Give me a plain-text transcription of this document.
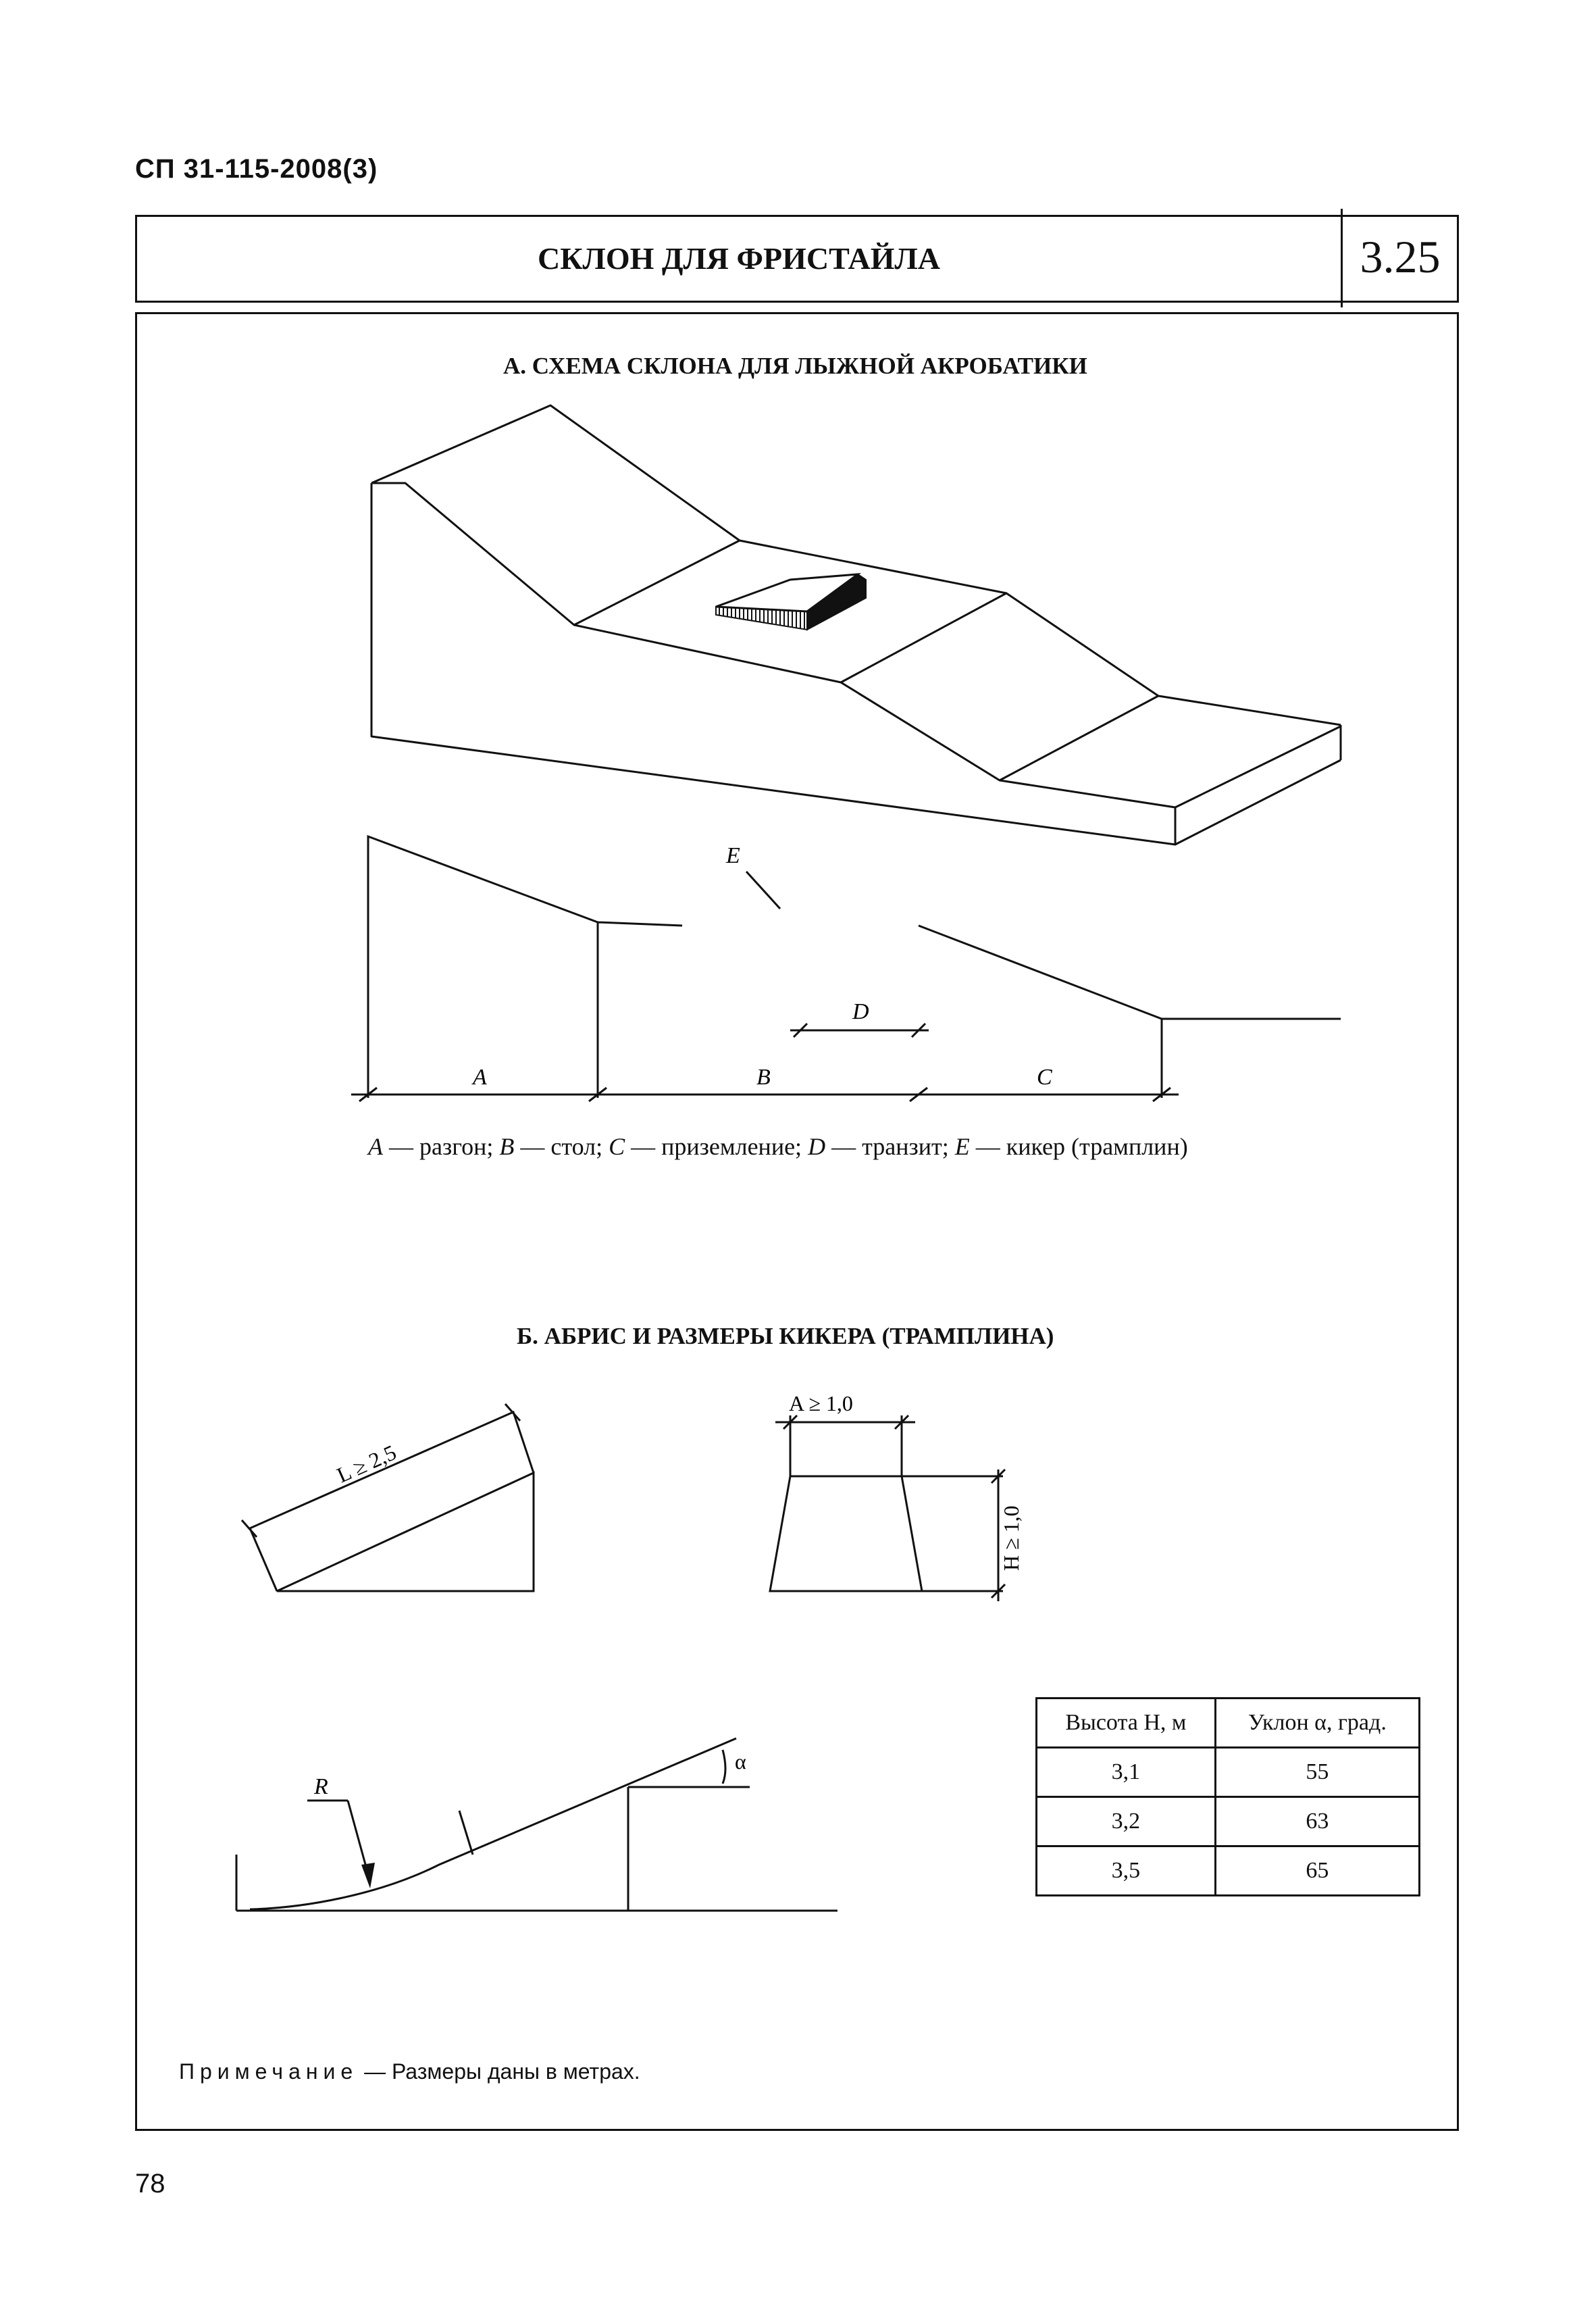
СП 31-115-2008(3)
СКЛОН ДЛЯ ФРИСТАЙЛА	3.25
А. СХЕМА СКЛОНА ДЛЯ ЛЫЖНОЙ АКРОБАТИКИ
A	B	C
D
E
L ≥ 2,5
A ≥ 1,0
H ≥ 1,0
R
α
A — разгон; B — стол; C — приземление; D — транзит; E — кикер (трамплин)
Б. АБРИС И РАЗМЕРЫ КИКЕРА (ТРАМПЛИНА)
Высота H, м	Уклон α, град.
3,1	55
3,2	63
3,5	65
Примечание — Размеры даны в метрах.
78
